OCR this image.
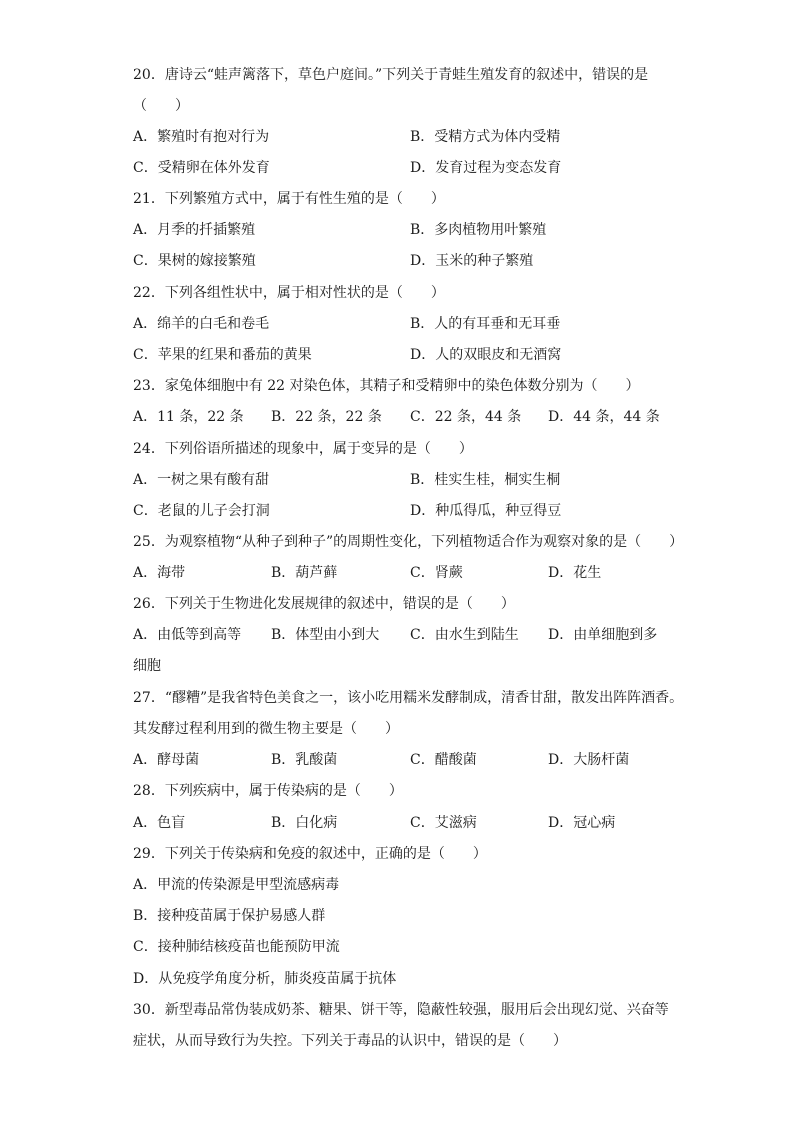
20．唐诗云“蛙声篱落下，草色户庭间。”下列关于青蛙生殖发育的叙述中，错误的是
（　　）
A．繁殖时有抱对行为	B．受精方式为体内受精
C．受精卵在体外发育	D．发育过程为变态发育
21．下列繁殖方式中，属于有性生殖的是（　　）
A．月季的扦插繁殖	B．多肉植物用叶繁殖
C．果树的嫁接繁殖	D．玉米的种子繁殖
22．下列各组性状中，属于相对性状的是（　　）
A．绵羊的白毛和卷毛	B．人的有耳垂和无耳垂
C．苹果的红果和番茄的黄果	D．人的双眼皮和无酒窝
23．家兔体细胞中有 22 对染色体，其精子和受精卵中的染色体数分别为（　　）
A．11 条，22 条 B．22 条，22 条 C．22 条，44 条 D．44 条，44 条
24．下列俗语所描述的现象中，属于变异的是（　　）
A．一树之果有酸有甜	B．桂实生桂，桐实生桐
C．老鼠的儿子会打洞	D．种瓜得瓜，种豆得豆
25．为观察植物“从种子到种子”的周期性变化，下列植物适合作为观察对象的是（　　）
A．海带	B．葫芦藓	C．肾蕨	D．花生
26．下列关于生物进化发展规律的叙述中，错误的是（　　）
A．由低等到高等 B．体型由小到大 C．由水生到陆生 D．由单细胞到多
细胞
27．“醪糟”是我省特色美食之一，该小吃用糯米发酵制成，清香甘甜，散发出阵阵酒香。
其发酵过程利用到的微生物主要是（　　）
A．酵母菌	B．乳酸菌	C．醋酸菌	D．大肠杆菌
28．下列疾病中，属于传染病的是（　　）
A．色盲	B．白化病	C．艾滋病	D．冠心病
29．下列关于传染病和免疫的叙述中，正确的是（　　）
A．甲流的传染源是甲型流感病毒
B．接种疫苗属于保护易感人群
C．接种肺结核疫苗也能预防甲流
D．从免疫学角度分析，肺炎疫苗属于抗体
30．新型毒品常伪装成奶茶、糖果、饼干等，隐蔽性较强，服用后会出现幻觉、兴奋等
症状，从而导致行为失控。下列关于毒品的认识中，错误的是（　　）
